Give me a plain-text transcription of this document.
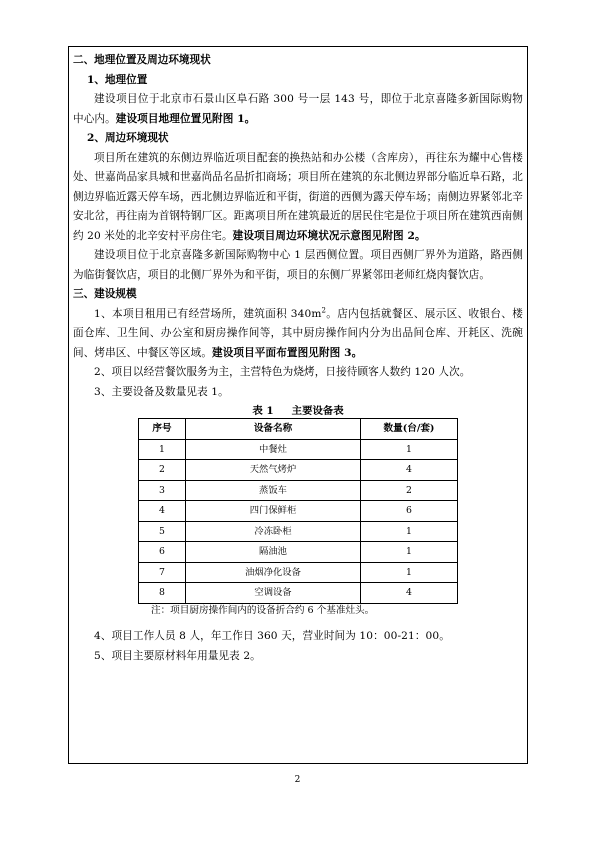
二、地理位置及周边环境现状

1、地理位置

建设项目位于北京市石景山区阜石路 300 号一层 143 号，即位于北京喜隆多新国际购物中心内。建设项目地理位置见附图 1。

2、周边环境现状

项目所在建筑的东侧边界临近项目配套的换热站和办公楼（含库房），再往东为耀中心售楼处、世嘉尚品家具城和世嘉尚品名品折扣商场；项目所在建筑的东北侧边界部分临近阜石路，北侧边界临近露天停车场，西北侧边界临近和平街，街道的西侧为露天停车场；南侧边界紧邻北辛安北岔，再往南为首钢特钢厂区。距离项目所在建筑最近的居民住宅是位于项目所在建筑西南侧约 20 米处的北辛安村平房住宅。建设项目周边环境状况示意图见附图 2。

建设项目位于北京喜隆多新国际购物中心 1 层西侧位置。项目西侧厂界外为道路，路西侧为临街餐饮店，项目的北侧厂界外为和平街，项目的东侧厂界紧邻田老师红烧肉餐饮店。

三、建设规模

1、本项目租用已有经营场所，建筑面积 $340m^2$。店内包括就餐区、展示区、收银台、楼面仓库、卫生间、办公室和厨房操作间等，其中厨房操作间内分为出品间仓库、开耗区、洗碗间、烤串区、中餐区等区域。建设项目平面布置图见附图 3。

2、项目以经营餐饮服务为主，主营特色为烧烤，日接待顾客人数约 120 人次。

3、主要设备及数量见表 1。

表 1     主要设备表
序号	设备名称	数量(台/套)
1	中餐灶	1
2	天然气烤炉	4
3	蒸饭车	2
4	四门保鲜柜	6
5	冷冻卧柜	1
6	隔油池	1
7	油烟净化设备	1
8	空调设备	4

注：项目厨房操作间内的设备折合约 6 个基准灶头。

4、项目工作人员 8 人，年工作日 360 天，营业时间为 10：00-21：00。

5、项目主要原材料年用量见表 2。

2
